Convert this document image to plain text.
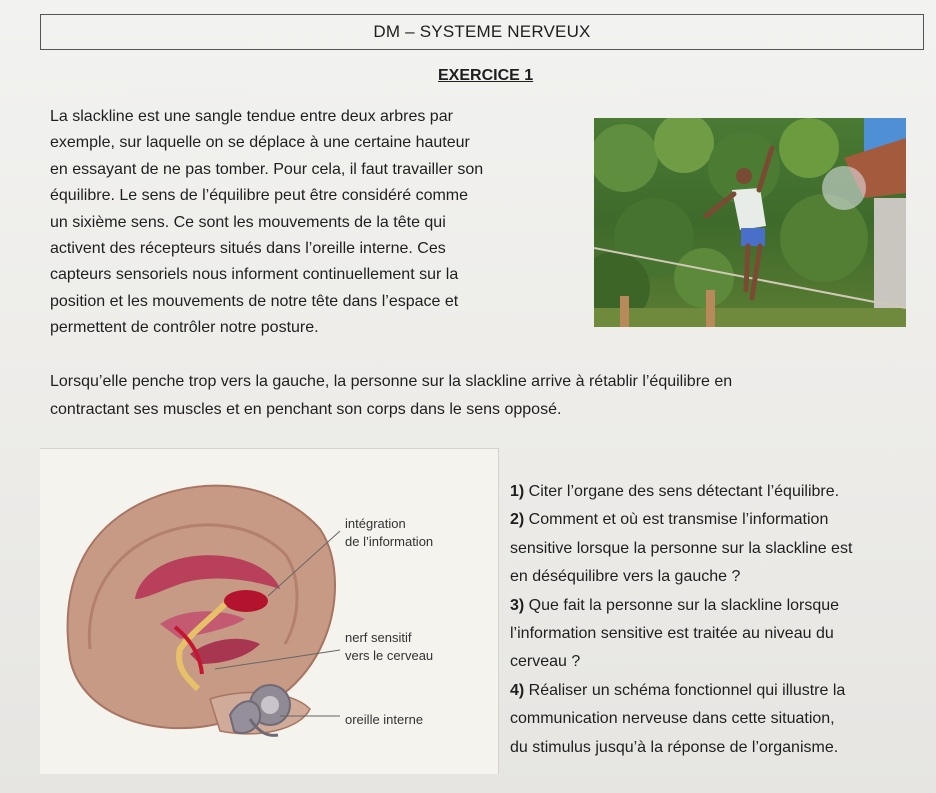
DM – SYSTEME NERVEUX
EXERCICE 1
La slackline est une sangle tendue entre deux arbres par
exemple, sur laquelle on se déplace à une certaine hauteur
en essayant de ne pas tomber. Pour cela, il faut travailler son
équilibre. Le sens de l’équilibre peut être considéré comme
un sixième sens. Ce sont les mouvements de la tête qui
activent des récepteurs situés dans l’oreille interne. Ces
capteurs sensoriels nous informent continuellement sur la
position et les mouvements de notre tête dans l’espace et
permettent de contrôler notre posture.
Lorsqu’elle penche trop vers la gauche, la personne sur la slackline arrive à rétablir l’équilibre en
contractant ses muscles et en penchant son corps dans le sens opposé.
intégration
de l’information
nerf sensitif
vers le cerveau
oreille interne
1) Citer l’organe des sens détectant l’équilibre.
2) Comment et où est transmise l’information
sensitive lorsque la personne sur la slackline est
en déséquilibre vers la gauche ?
3) Que fait la personne sur la slackline lorsque
l’information sensitive est traitée au niveau du
cerveau ?
4) Réaliser un schéma fonctionnel qui illustre la
communication nerveuse dans cette situation,
du stimulus jusqu’à la réponse de l’organisme.
